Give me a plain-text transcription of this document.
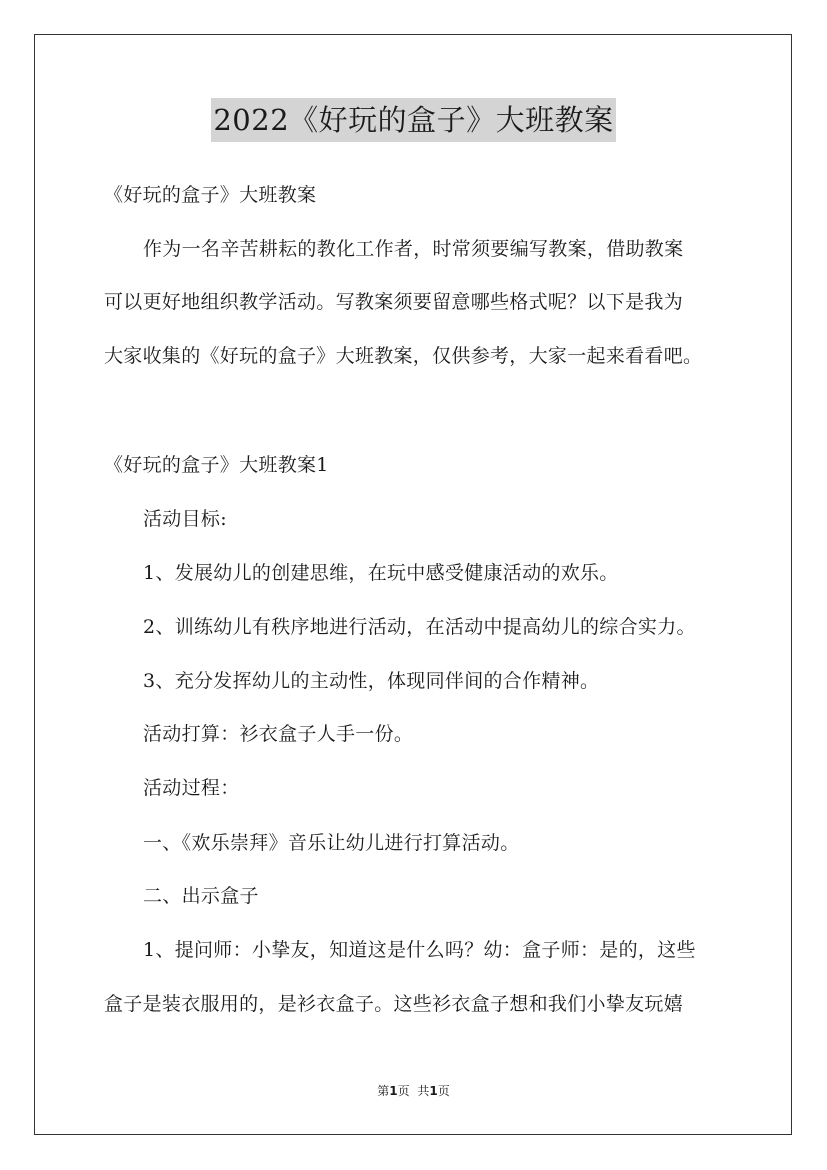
2022《好玩的盒子》大班教案
《好玩的盒子》大班教案
作为一名辛苦耕耘的教化工作者，时常须要编写教案，借助教案
可以更好地组织教学活动。写教案须要留意哪些格式呢？以下是我为
大家收集的《好玩的盒子》大班教案，仅供参考，大家一起来看看吧。
《好玩的盒子》大班教案1
活动目标:
1、发展幼儿的创建思维，在玩中感受健康活动的欢乐。
2、训练幼儿有秩序地进行活动，在活动中提高幼儿的综合实力。
3、充分发挥幼儿的主动性，体现同伴间的合作精神。
活动打算：衫衣盒子人手一份。
活动过程：
一、《欢乐崇拜》音乐让幼儿进行打算活动。
二、出示盒子
1、提问师：小挚友，知道这是什么吗？幼：盒子师：是的，这些
盒子是装衣服用的，是衫衣盒子。这些衫衣盒子想和我们小挚友玩嬉
第1页 共1页
